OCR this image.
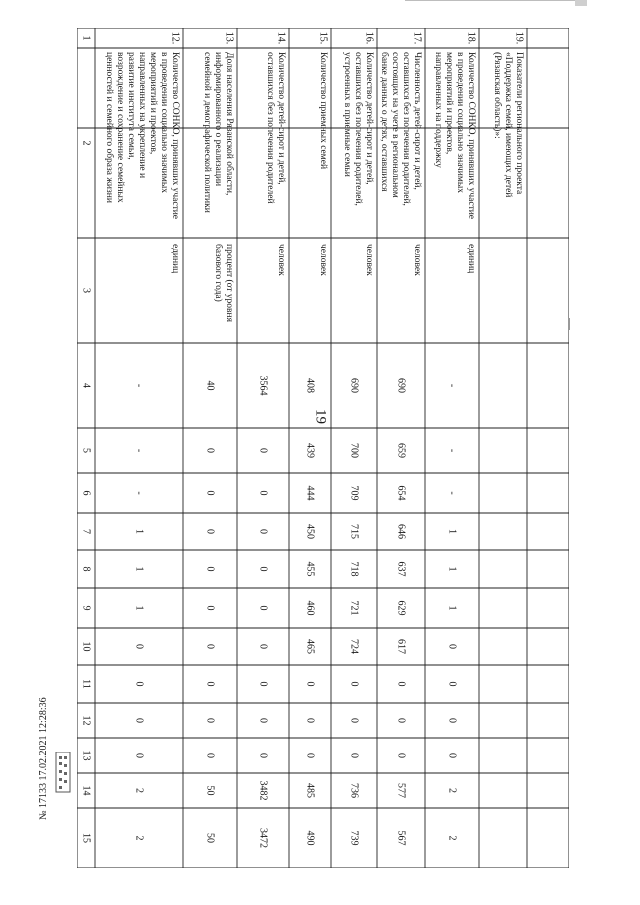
19
1
2
3
4
5
6
7
8
9
10
11
12
13
14
15
12.
Количество СОНКО, принявших участие
в проведении социально значимых
мероприятий и проектов,
направленных на укрепление и
развитие института семьи,
возрождение и сохранение семейных
ценностей и семейного образа жизни
единиц
-
-
-
1
1
1
0
0
0
0
2
2
13.
Доля населения Рязанской области,
информированного о реализации
семейной и демографической политики
процент (от уровня
базового года)
40
0
0
0
0
0
0
0
0
0
50
50
14.
Количество детей-сирот и детей,
оставшихся без попечения родителей
человек
3564
0
0
0
0
0
0
0
0
0
3482
3472
15.
Количество приемных семей
человек
408
439
444
450
455
460
465
0
0
0
485
490
16.
Количество детей-сирот и детей,
оставшихся без попечения родителей,
устроенных в приемные семьи
человек
690
700
709
715
718
721
724
0
0
0
736
739
17.
Численность детей-сирот и детей,
оставшихся без попечения родителей,
состоящих на учете в региональном
банке данных о детях, оставшихся
человек
690
659
654
646
637
629
617
0
0
0
577
567
18.
Количество СОНКО, принявших участие
в проведении социально значимых
мероприятий и проектов,
направленных на поддержку
единиц
-
-
-
1
1
1
0
0
0
0
2
2
19.
Показатели регионального проекта
«Поддержка семей, имеющих детей
(Рязанская область)»:
№ 17133 17.02.2021 12:28:36
